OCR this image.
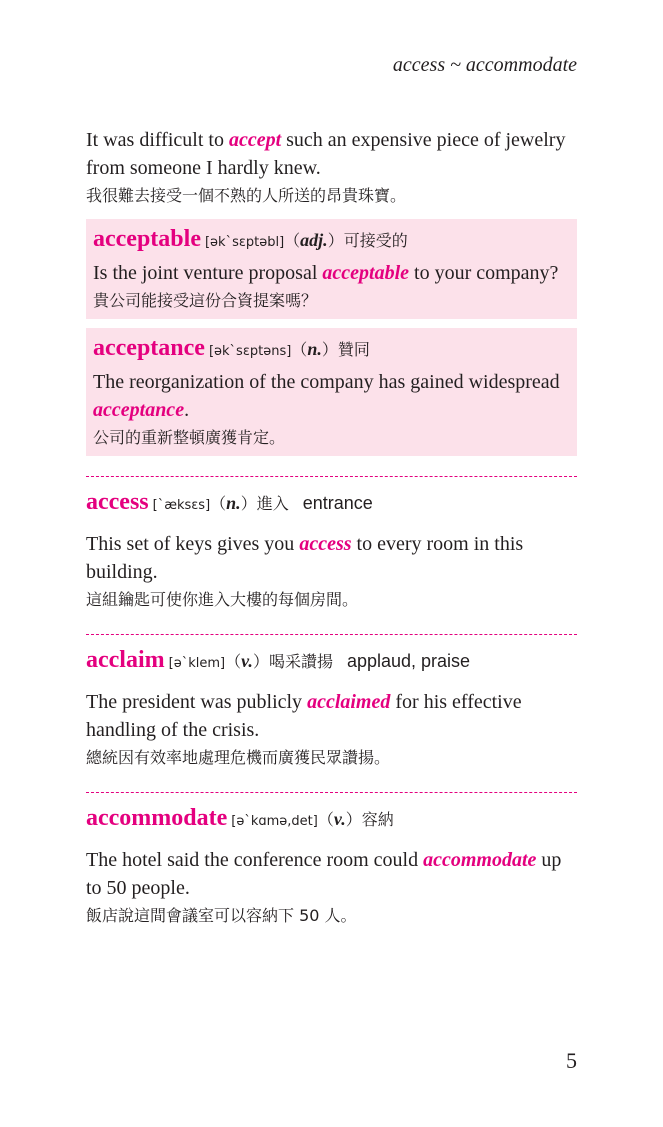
access ~ accommodate
It was difficult to accept such an expensive piece of jewelry from someone I hardly knew.
我很難去接受一個不熟的人所送的昂貴珠寶。
acceptable [ək`sɛptəbl]（adj.）可接受的
Is the joint venture proposal acceptable to your company?
貴公司能接受這份合資提案嗎？
acceptance [ək`sɛptəns]（n.）贊同
The reorganization of the company has gained widespread acceptance.
公司的重新整頓廣獲肯定。
access [`æksɛs]（n.）進入 entrance
This set of keys gives you access to every room in this building.
這組鑰匙可使你進入大樓的每個房間。
acclaim [ə`klem]（v.）喝采讚揚 applaud, praise
The president was publicly acclaimed for his effective handling of the crisis.
總統因有效率地處理危機而廣獲民眾讚揚。
accommodate [ə`kɑmə,det]（v.）容納
The hotel said the conference room could accommodate up to 50 people.
飯店說這間會議室可以容納下 50 人。
5
